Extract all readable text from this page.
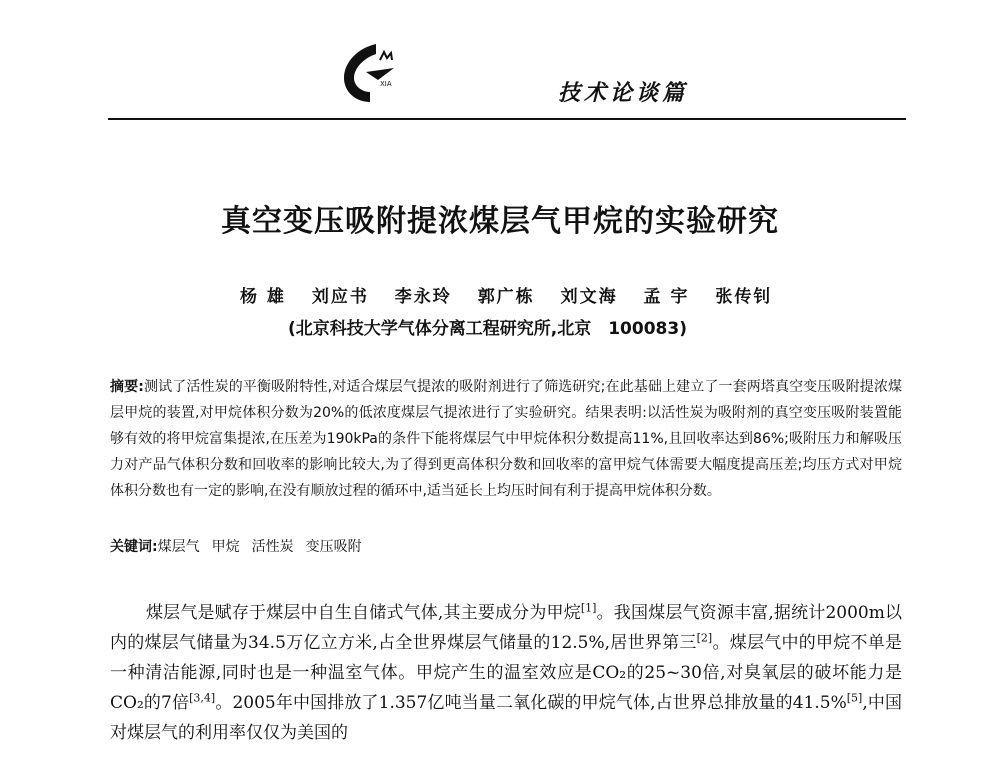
XIA	技术论谈篇
真空变压吸附提浓煤层气甲烷的实验研究
杨 雄 刘应书 李永玲 郭广栋 刘文海 孟 宇 张传钊
(北京科技大学气体分离工程研究所,北京　100083)
摘要:测试了活性炭的平衡吸附特性,对适合煤层气提浓的吸附剂进行了筛选研究;在此基础上建立了一套两塔真空变压吸附提浓煤层甲烷的装置,对甲烷体积分数为20%的低浓度煤层气提浓进行了实验研究。结果表明:以活性炭为吸附剂的真空变压吸附装置能够有效的将甲烷富集提浓,在压差为190kPa的条件下能将煤层气中甲烷体积分数提高11%,且回收率达到86%;吸附压力和解吸压力对产品气体积分数和回收率的影响比较大,为了得到更高体积分数和回收率的富甲烷气体需要大幅度提高压差;均压方式对甲烷体积分数也有一定的影响,在没有顺放过程的循环中,适当延长上均压时间有利于提高甲烷体积分数。
关键词:煤层气 甲烷 活性炭 变压吸附
煤层气是赋存于煤层中自生自储式气体,其主要成分为甲烷[1]。我国煤层气资源丰富,据统计2000m以内的煤层气储量为34.5万亿立方米,占全世界煤层气储量的12.5%,居世界第三[2]。煤层气中的甲烷不单是一种清洁能源,同时也是一种温室气体。甲烷产生的温室效应是CO₂的25~30倍,对臭氧层的破坏能力是CO₂的7倍[3,4]。2005年中国排放了1.357亿吨当量二氧化碳的甲烷气体,占世界总排放量的41.5%[5],中国对煤层气的利用率仅仅为美国的
